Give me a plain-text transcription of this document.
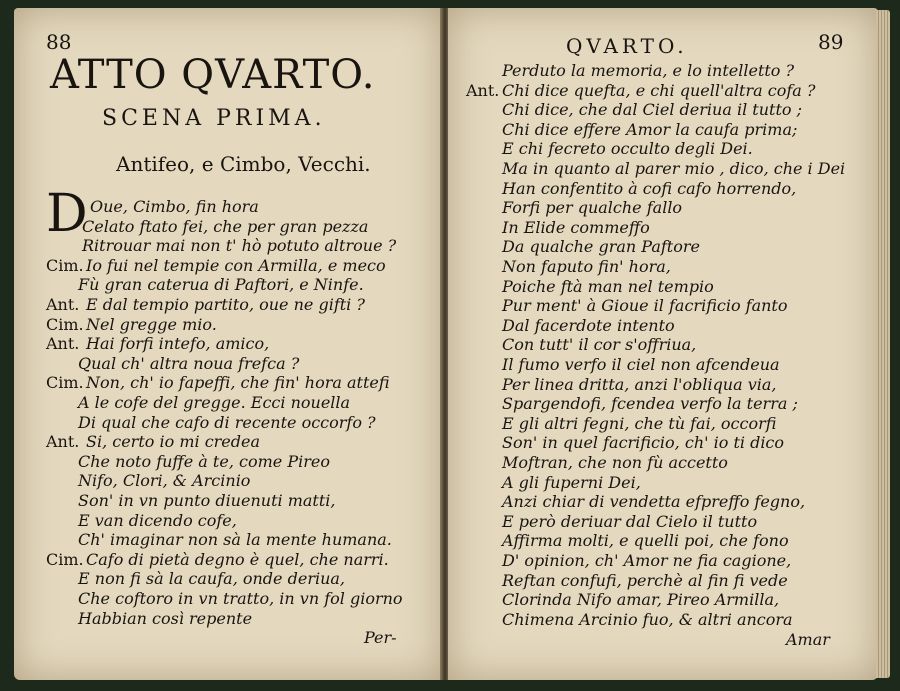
88
ATTO QVARTO.
SCENA PRIMA.
Antifeo, e Cimbo, Vecchi.
D Oue, Cimbo, fin hora
Celato ftato fei, che per gran pezza
Ritrouar mai non t' hò potuto altroue ?
Cim. Io fui nel tempie con Armilla, e meco
Fù gran caterua di Paftori, e Ninfe.
Ant. E dal tempio partito, oue ne gifti ?
Cim. Nel gregge mio.
Ant. Hai forfi intefo, amico,
Qual ch' altra noua frefca ?
Cim. Non, ch' io fapeffi, che fin' hora attefi
A le cofe del gregge. Ecci nouella
Di qual che cafo di recente occorfo ?
Ant. Si, certo io mi credea
Che noto fuffe à te, come Pireo
Nifo, Clori, & Arcinio
Son' in vn punto diuenuti matti,
E van dicendo cofe,
Ch' imaginar non sà la mente humana.
Cim. Cafo di pietà degno è quel, che narri.
E non fi sà la caufa, onde deriua,
Che coftoro in vn tratto, in vn fol giorno
Habbian così repente
Per-
QVARTO.	89
Perduto la memoria, e lo intelletto ?
Ant. Chi dice quefta, e chi quell'altra cofa ?
Chi dice, che dal Ciel deriua il tutto ;
Chi dice effere Amor la caufa prima;
E chi fecreto occulto degli Dei.
Ma in quanto al parer mio , dico, che i Dei
Han confentito à cofi cafo horrendo,
Forfi per qualche fallo
In Elide commeffo
Da qualche gran Paftore
Non faputo fin' hora,
Poiche ftà man nel tempio
Pur ment' à Gioue il facrificio fanto
Dal facerdote intento
Con tutt' il cor s'offriua,
Il fumo verfo il ciel non afcendeua
Per linea dritta, anzi l'obliqua via,
Spargendofi, fcendea verfo la terra ;
E gli altri fegni, che tù fai, occorfi
Son' in quel facrificio, ch' io ti dico
Moftran, che non fù accetto
A gli fuperni Dei,
Anzi chiar di vendetta efpreffo fegno,
E però deriuar dal Cielo il tutto
Affirma molti, e quelli poi, che fono
D' opinion, ch' Amor ne fia cagione,
Reftan confufi, perchè al fin fi vede
Clorinda Nifo amar, Pireo Armilla,
Chimena Arcinio fuo, & altri ancora
Amar
